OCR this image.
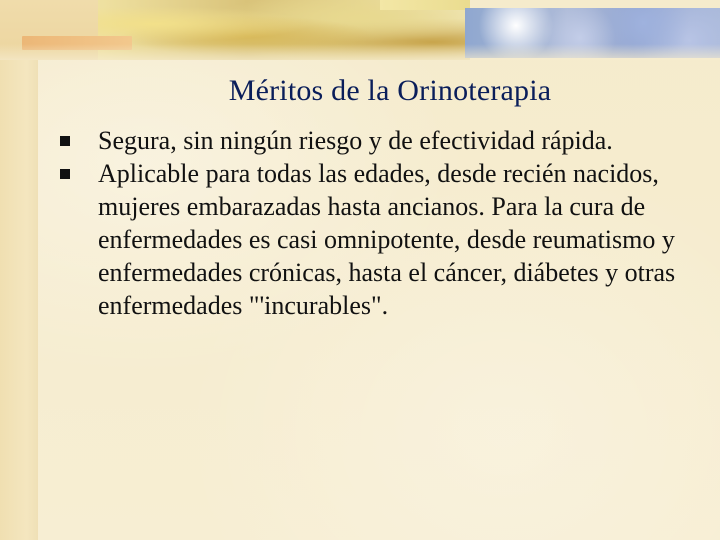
Méritos de la Orinoterapia
Segura, sin ningún riesgo y de efectividad rápida.
Aplicable para todas las edades, desde recién nacidos, mujeres embarazadas hasta ancianos. Para la cura de enfermedades es casi omnipotente, desde reumatismo y enfermedades crónicas, hasta el cáncer, diábetes y otras enfermedades "'incurables".
